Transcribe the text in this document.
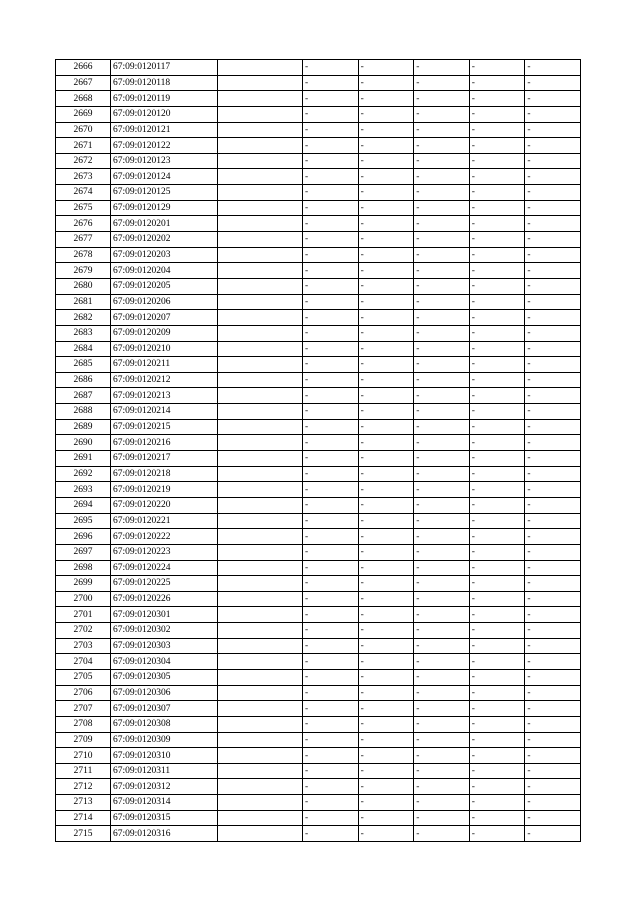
2666	67:09:0120117		-	-	-	-	-
2667	67:09:0120118		-	-	-	-	-
2668	67:09:0120119		-	-	-	-	-
2669	67:09:0120120		-	-	-	-	-
2670	67:09:0120121		-	-	-	-	-
2671	67:09:0120122		-	-	-	-	-
2672	67:09:0120123		-	-	-	-	-
2673	67:09:0120124		-	-	-	-	-
2674	67:09:0120125		-	-	-	-	-
2675	67:09:0120129		-	-	-	-	-
2676	67:09:0120201		-	-	-	-	-
2677	67:09:0120202		-	-	-	-	-
2678	67:09:0120203		-	-	-	-	-
2679	67:09:0120204		-	-	-	-	-
2680	67:09:0120205		-	-	-	-	-
2681	67:09:0120206		-	-	-	-	-
2682	67:09:0120207		-	-	-	-	-
2683	67:09:0120209		-	-	-	-	-
2684	67:09:0120210		-	-	-	-	-
2685	67:09:0120211		-	-	-	-	-
2686	67:09:0120212		-	-	-	-	-
2687	67:09:0120213		-	-	-	-	-
2688	67:09:0120214		-	-	-	-	-
2689	67:09:0120215		-	-	-	-	-
2690	67:09:0120216		-	-	-	-	-
2691	67:09:0120217		-	-	-	-	-
2692	67:09:0120218		-	-	-	-	-
2693	67:09:0120219		-	-	-	-	-
2694	67:09:0120220		-	-	-	-	-
2695	67:09:0120221		-	-	-	-	-
2696	67:09:0120222		-	-	-	-	-
2697	67:09:0120223		-	-	-	-	-
2698	67:09:0120224		-	-	-	-	-
2699	67:09:0120225		-	-	-	-	-
2700	67:09:0120226		-	-	-	-	-
2701	67:09:0120301		-	-	-	-	-
2702	67:09:0120302		-	-	-	-	-
2703	67:09:0120303		-	-	-	-	-
2704	67:09:0120304		-	-	-	-	-
2705	67:09:0120305		-	-	-	-	-
2706	67:09:0120306		-	-	-	-	-
2707	67:09:0120307		-	-	-	-	-
2708	67:09:0120308		-	-	-	-	-
2709	67:09:0120309		-	-	-	-	-
2710	67:09:0120310		-	-	-	-	-
2711	67:09:0120311		-	-	-	-	-
2712	67:09:0120312		-	-	-	-	-
2713	67:09:0120314		-	-	-	-	-
2714	67:09:0120315		-	-	-	-	-
2715	67:09:0120316		-	-	-	-	-
